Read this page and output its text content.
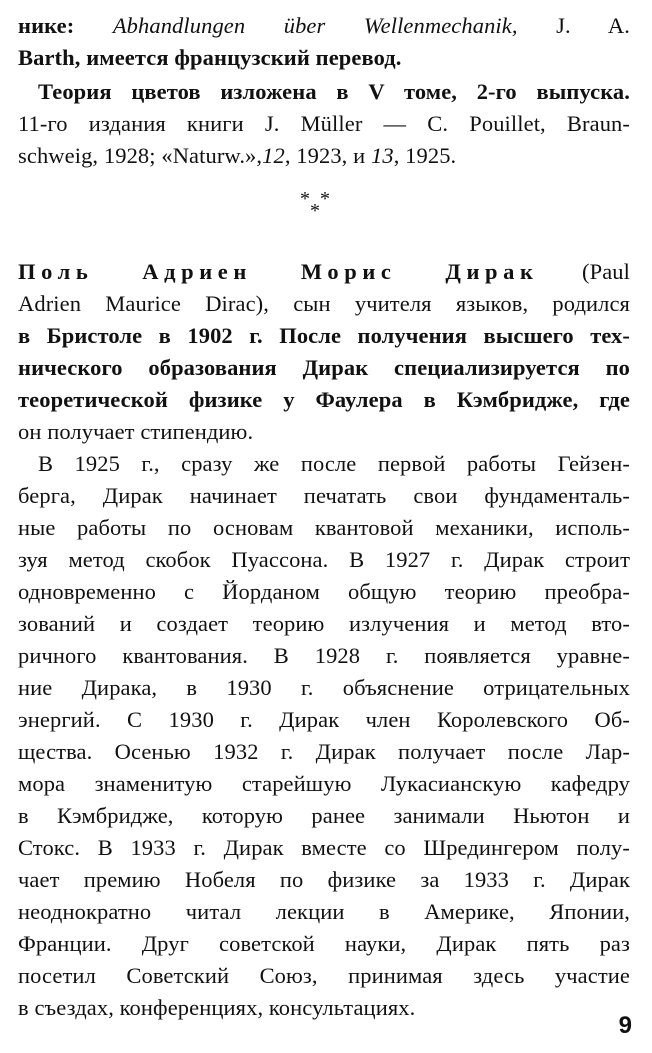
нике: Abhandlungen über Wellenmechanik, J. A.
Barth, имеется французский перевод.
Теория цветов изложена в V томе, 2-го выпуска.
11-го издания книги J. Müller — C. Pouillet, Braun-
schweig, 1928; «Naturw.»,12, 1923, и 13, 1925.
* *
*
Поль Адриен Морис Дирак (Paul
Adrien Maurice Dirac), сын учителя языков, родился
в Бристоле в 1902 г. После получения высшего тех-
нического образования Дирак специализируется по
теоретической физике у Фаулера в Кэмбридже, где
он получает стипендию.
В 1925 г., сразу же после первой работы Гейзен-
берга, Дирак начинает печатать свои фундаменталь-
ные работы по основам квантовой механики, исполь-
зуя метод скобок Пуассона. В 1927 г. Дирак строит
одновременно с Йорданом общую теорию преобра-
зований и создает теорию излучения и метод вто-
ричного квантования. В 1928 г. появляется уравне-
ние Дирака, в 1930 г. объяснение отрицательных
энергий. С 1930 г. Дирак член Королевского Об-
щества. Осенью 1932 г. Дирак получает после Лар-
мора знаменитую старейшую Лукасианскую кафедру
в Кэмбридже, которую ранее занимали Ньютон и
Стокс. В 1933 г. Дирак вместе со Шредингером полу-
чает премию Нобеля по физике за 1933 г. Дирак
неоднократно читал лекции в Америке, Японии,
Франции. Друг советской науки, Дирак пять раз
посетил Советский Союз, принимая здесь участие
в съездах, конференциях, консультациях.
9
